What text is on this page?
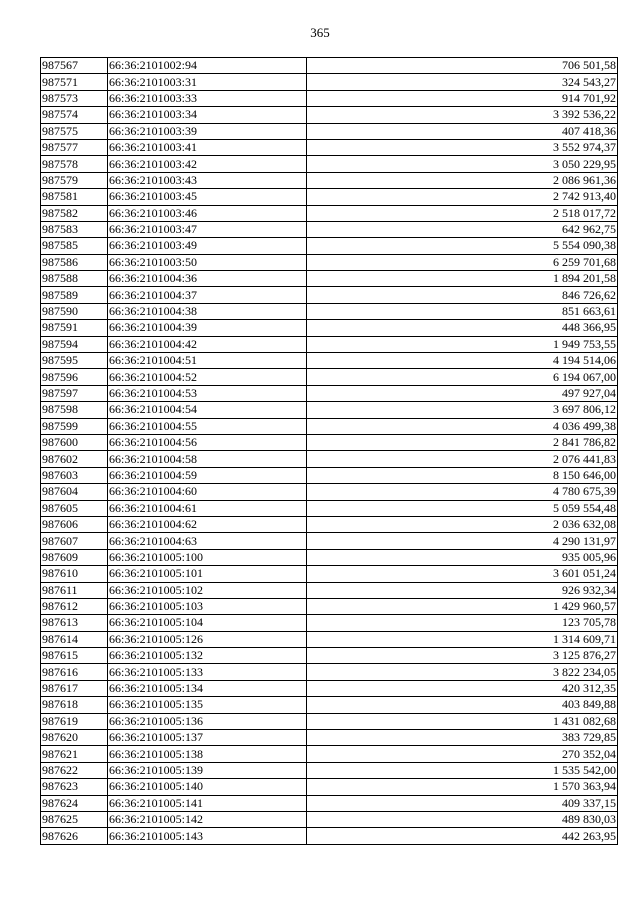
365
987567	66:36:2101002:94	706 501,58
987571	66:36:2101003:31	324 543,27
987573	66:36:2101003:33	914 701,92
987574	66:36:2101003:34	3 392 536,22
987575	66:36:2101003:39	407 418,36
987577	66:36:2101003:41	3 552 974,37
987578	66:36:2101003:42	3 050 229,95
987579	66:36:2101003:43	2 086 961,36
987581	66:36:2101003:45	2 742 913,40
987582	66:36:2101003:46	2 518 017,72
987583	66:36:2101003:47	642 962,75
987585	66:36:2101003:49	5 554 090,38
987586	66:36:2101003:50	6 259 701,68
987588	66:36:2101004:36	1 894 201,58
987589	66:36:2101004:37	846 726,62
987590	66:36:2101004:38	851 663,61
987591	66:36:2101004:39	448 366,95
987594	66:36:2101004:42	1 949 753,55
987595	66:36:2101004:51	4 194 514,06
987596	66:36:2101004:52	6 194 067,00
987597	66:36:2101004:53	497 927,04
987598	66:36:2101004:54	3 697 806,12
987599	66:36:2101004:55	4 036 499,38
987600	66:36:2101004:56	2 841 786,82
987602	66:36:2101004:58	2 076 441,83
987603	66:36:2101004:59	8 150 646,00
987604	66:36:2101004:60	4 780 675,39
987605	66:36:2101004:61	5 059 554,48
987606	66:36:2101004:62	2 036 632,08
987607	66:36:2101004:63	4 290 131,97
987609	66:36:2101005:100	935 005,96
987610	66:36:2101005:101	3 601 051,24
987611	66:36:2101005:102	926 932,34
987612	66:36:2101005:103	1 429 960,57
987613	66:36:2101005:104	123 705,78
987614	66:36:2101005:126	1 314 609,71
987615	66:36:2101005:132	3 125 876,27
987616	66:36:2101005:133	3 822 234,05
987617	66:36:2101005:134	420 312,35
987618	66:36:2101005:135	403 849,88
987619	66:36:2101005:136	1 431 082,68
987620	66:36:2101005:137	383 729,85
987621	66:36:2101005:138	270 352,04
987622	66:36:2101005:139	1 535 542,00
987623	66:36:2101005:140	1 570 363,94
987624	66:36:2101005:141	409 337,15
987625	66:36:2101005:142	489 830,03
987626	66:36:2101005:143	442 263,95
